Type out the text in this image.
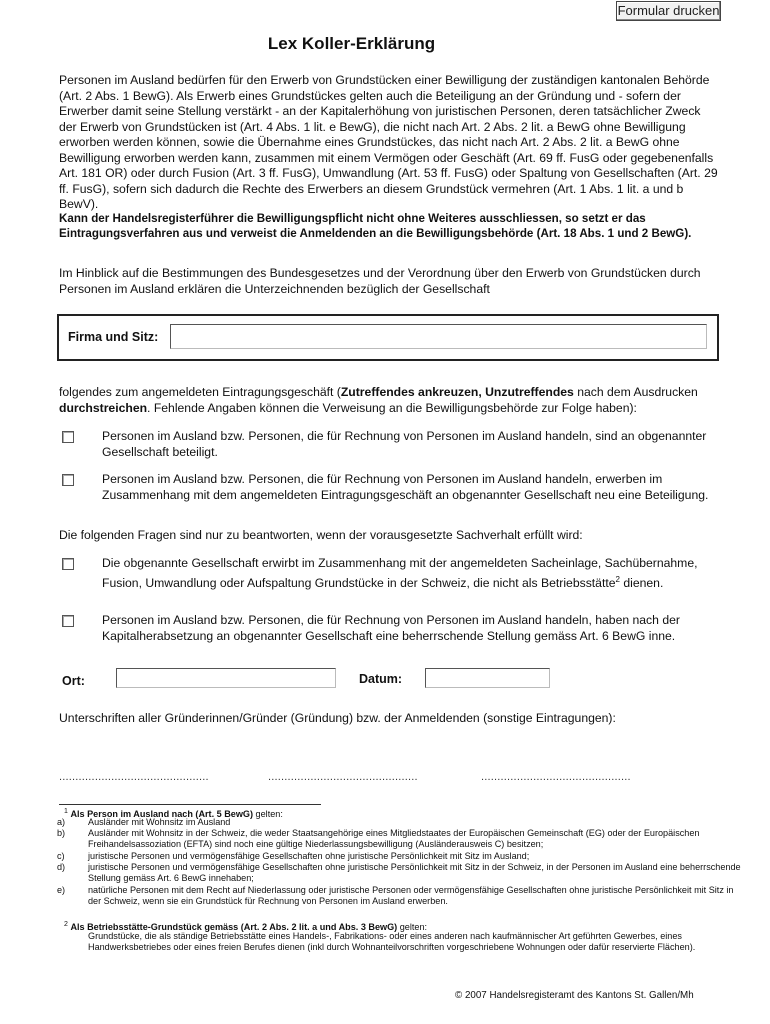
Formular drucken
Lex Koller-Erklärung
Personen im Ausland bedürfen für den Erwerb von Grundstücken einer Bewilligung der zuständigen kantonalen Behörde (Art. 2 Abs. 1 BewG). Als Erwerb eines Grundstückes gelten auch die Beteiligung an der Gründung und - sofern der Erwerber damit seine Stellung verstärkt - an der Kapitalerhöhung von juristischen Personen, deren tatsächlicher Zweck der Erwerb von Grundstücken ist (Art. 4 Abs. 1 lit. e BewG), die nicht nach Art. 2 Abs. 2 lit. a BewG ohne Bewilligung erworben werden können, sowie die Übernahme eines Grundstückes, das nicht nach Art. 2 Abs. 2 lit. a BewG ohne Bewilligung erworben werden kann, zusammen mit einem Vermögen oder Geschäft (Art. 69 ff. FusG oder gegebenenfalls Art. 181 OR) oder durch Fusion (Art. 3 ff. FusG), Umwandlung (Art. 53 ff. FusG) oder Spaltung von Gesellschaften (Art. 29 ff. FusG), sofern sich dadurch die Rechte des Erwerbers an diesem Grundstück vermehren (Art. 1 Abs. 1 lit. a und b BewV).
Kann der Handelsregisterführer die Bewilligungspflicht nicht ohne Weiteres ausschliessen, so setzt er das Eintragungsverfahren aus und verweist die Anmeldenden an die Bewilligungsbehörde (Art. 18 Abs. 1 und 2 BewG).
Im Hinblick auf die Bestimmungen des Bundesgesetzes und der Verordnung über den Erwerb von Grundstücken durch Personen im Ausland erklären die Unterzeichnenden bezüglich der Gesellschaft
Firma und Sitz:
folgendes zum angemeldeten Eintragungsgeschäft (Zutreffendes ankreuzen, Unzutreffendes nach dem Ausdrucken durchstreichen. Fehlende Angaben können die Verweisung an die Bewilligungsbehörde zur Folge haben):
Personen im Ausland bzw. Personen, die für Rechnung von Personen im Ausland handeln, sind an obgenannter Gesellschaft beteiligt.
Personen im Ausland bzw. Personen, die für Rechnung von Personen im Ausland handeln, erwerben im Zusammenhang mit dem angemeldeten Eintragungsgeschäft an obgenannter Gesellschaft neu eine Beteiligung.
Die folgenden Fragen sind nur zu beantworten, wenn der vorausgesetzte Sachverhalt erfüllt wird:
Die obgenannte Gesellschaft erwirbt im Zusammenhang mit der angemeldeten Sacheinlage, Sachübernahme, Fusion, Umwandlung oder Aufspaltung Grundstücke in der Schweiz, die nicht als Betriebsstätte$^2$ dienen.
Personen im Ausland bzw. Personen, die für Rechnung von Personen im Ausland handeln, haben nach der Kapitalherabsetzung an obgenannter Gesellschaft eine beherrschende Stellung gemäss Art. 6 BewG inne.
Ort:	Datum:
Unterschriften aller Gründerinnen/Gründer (Gründung) bzw. der Anmeldenden (sonstige Eintragungen):
..............................................	..............................................	..............................................
$^1$ Als Person im Ausland nach (Art. 5 BewG) gelten:
a)	Ausländer mit Wohnsitz im Ausland
b)	Ausländer mit Wohnsitz in der Schweiz, die weder Staatsangehörige eines Mitgliedstaates der Europäischen Gemeinschaft (EG) oder der Europäischen Freihandelsassoziation (EFTA) sind noch eine gültige Niederlassungsbewilligung (Ausländerausweis C) besitzen;
c)	juristische Personen und vermögensfähige Gesellschaften ohne juristische Persönlichkeit mit Sitz im Ausland;
d)	juristische Personen und vermögensfähige Gesellschaften ohne juristische Persönlichkeit mit Sitz in der Schweiz, in der Personen im Ausland eine beherrschende Stellung gemäss Art. 6 BewG innehaben;
e)	natürliche Personen mit dem Recht auf Niederlassung oder juristische Personen oder vermögensfähige Gesellschaften ohne juristische Persönlichkeit mit Sitz in der Schweiz, wenn sie ein Grundstück für Rechnung von Personen im Ausland erwerben.
$^2$ Als Betriebsstätte-Grundstück gemäss (Art. 2 Abs. 2 lit. a und Abs. 3 BewG) gelten:
Grundstücke, die als ständige Betriebsstätte eines Handels-, Fabrikations- oder eines anderen nach kaufmännischer Art geführten Gewerbes, eines Handwerksbetriebes oder eines freien Berufes dienen (inkl durch Wohnanteilvorschriften vorgeschriebene Wohnungen oder dafür reservierte Flächen).
© 2007 Handelsregisteramt des Kantons St. Gallen/Mh
